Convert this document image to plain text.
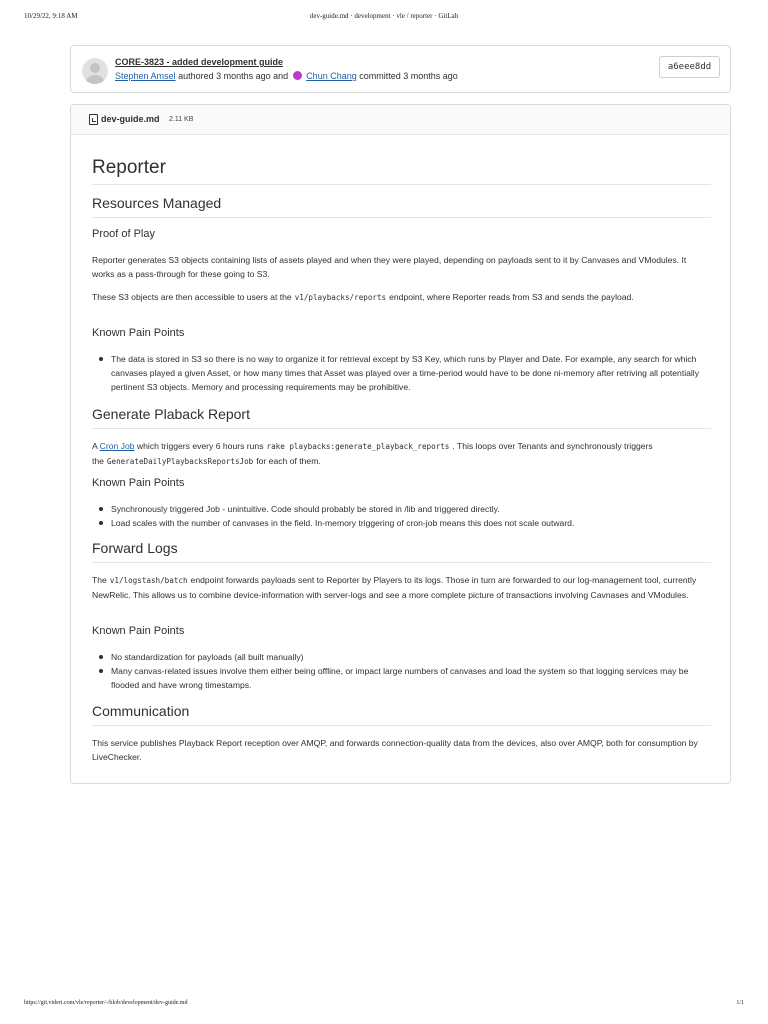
10/29/22, 9:18 AM	dev-guide.md · development · vle / reporter · GitLab
CORE-3823 - added development guide
Stephen Amsel authored 3 months ago and Chun Chang committed 3 months ago
a6eee8dd
dev-guide.md 2.11 KB
Reporter
Resources Managed
Proof of Play
Reporter generates S3 objects containing lists of assets played and when they were played, depending on payloads sent to it by Canvases and VModules. It works as a pass-through for these going to S3.
These S3 objects are then accessible to users at the v1/playbacks/reports endpoint, where Reporter reads from S3 and sends the payload.
Known Pain Points
The data is stored in S3 so there is no way to organize it for retrieval except by S3 Key, which runs by Player and Date. For example, any search for which canvases played a given Asset, or how many times that Asset was played over a time-period would have to be done ni-memory after retriving all potentially pertinent S3 objects. Memory and processing requirements may be prohibitive.
Generate Plaback Report
A Cron Job which triggers every 6 hours runs rake playbacks:generate_playback_reports . This loops over Tenants and synchronously triggers the GenerateDailyPlaybacksReportsJob for each of them.
Known Pain Points
Synchronously triggered Job - unintuitive. Code should probably be stored in /lib and triggered directly.
Load scales with the number of canvases in the field. In-memory triggering of cron-job means this does not scale outward.
Forward Logs
The v1/logstash/batch endpoint forwards payloads sent to Reporter by Players to its logs. Those in turn are forwarded to our log-management tool, currently NewRelic. This allows us to combine device-information with server-logs and see a more complete picture of transactions involving Cavnases and VModules.
Known Pain Points
No standardization for payloads (all built manually)
Many canvas-related issues involve them either being offline, or impact large numbers of canvases and load the system so that logging services may be flooded and have wrong timestamps.
Communication
This service publishes Playback Report reception over AMQP, and forwards connection-quality data from the devices, also over AMQP, both for consumption by LiveChecker.
https://git.videri.com/vle/reporter/-/blob/development/dev-guide.md	1/1
